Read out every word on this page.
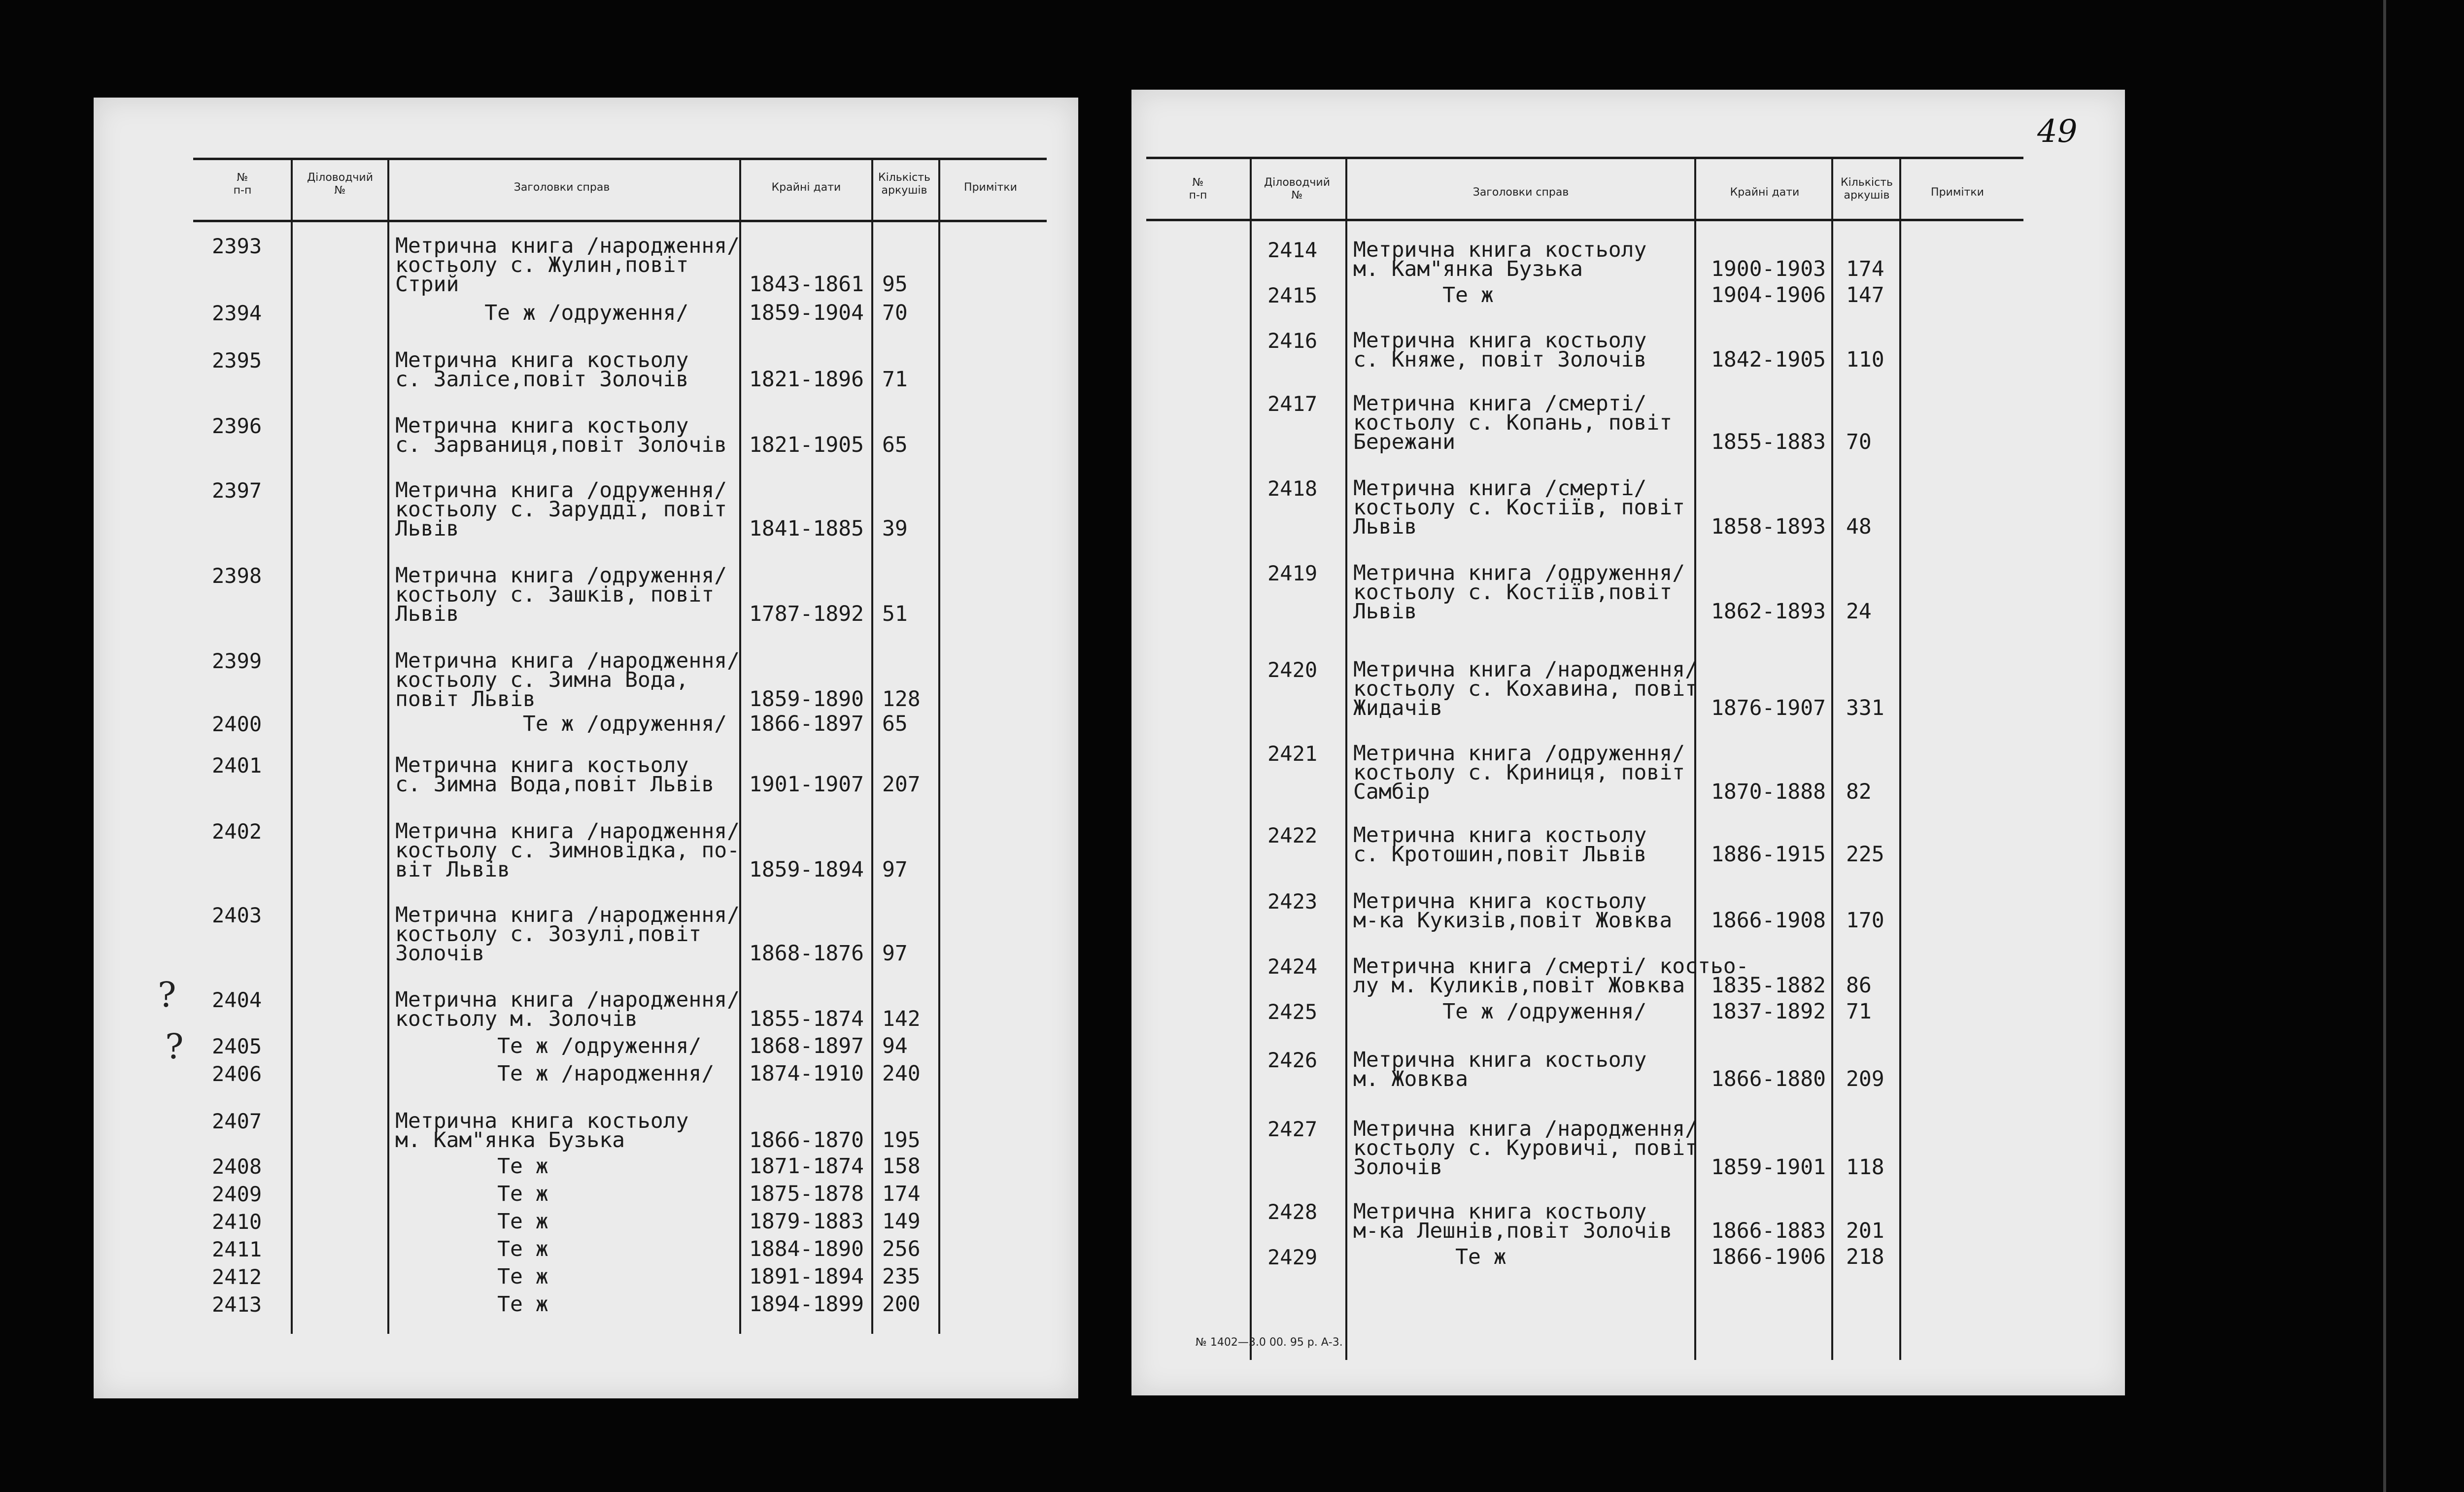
№
п-п
Діловодчий
№	Заголовки справ	Крайні дати
Кількість
аркушів	Примітки
2393	Метрична книга /народження/
костьолу с. Жулин,повіт
Стрий	1843-1861 95
2394	Те ж /одруження/	1859-1904 70
2395	Метрична книга костьолу
с. Залісе,повіт Золочів	1821-1896 71
2396	Метрична книга костьолу
с. Зарваниця,повіт Золочів 1821-1905 65
2397	Метрична книга /одруження/
костьолу с. Заруддї, повіт
Львів	1841-1885 39
2398	Метрична книга /одруження/
костьолу с. Зашків, повіт
Львів	1787-1892 51
2399	Метрична книга /народження/
костьолу с. Зимна Вода,
повіт Львів	1859-1890 128
2400	Те ж /одруження/ 1866-1897 65
2401	Метрична книга костьолу
с. Зимна Вода,повіт Львів 1901-1907 207
2402	Метрична книга /народження/
костьолу с. Зимновідка, по-
віт Львів	1859-1894 97
2403	Метрична книга /народження/
костьолу с. Зозулі,повіт
Золочів	1868-1876 97
2404	Метрична книга /народження/
костьолу м. Золочів	1855-1874 142
2405	Те ж /одруження/ 1868-1897 94
2406	Те ж /народження/ 1874-1910 240
2407	Метрична книга костьолу
м. Кам"янка Бузька	1866-1870 195
2408	Те ж	1871-1874 158
2409	Те ж	1875-1878 174
2410	Те ж	1879-1883 149
2411	Те ж	1884-1890 256
2412	Те ж	1891-1894 235
2413	Те ж	1894-1899 200
?
?
49
№
п-п
Діловодчий
№	Заголовки справ	Крайні дати
Кількість
аркушів	Примітки
2414 Метрична книга костьолу
м. Кам"янка Бузька	1900-1903 174
2415 Те ж	1904-1906 147
2416 Метрична книга костьолу
с. Княже, повіт Золочів	1842-1905 110
2417 Метрична книга /смерті/
костьолу с. Копань, повіт
Бережани	1855-1883 70
2418 Метрична книга /смерті/
костьолу с. Костіїв, повіт
Львів	1858-1893 48
2419 Метрична книга /одруження/
костьолу с. Костіїв,повіт
Львів	1862-1893 24
2420 Метрична книга /народження/
костьолу с. Кохавина, повіт
Жидачів	1876-1907 331
2421 Метрична книга /одруження/
костьолу с. Криниця, повіт
Самбір	1870-1888 82
2422 Метрична книга костьолу
с. Кротошин,повіт Львів	1886-1915 225
2423 Метрична книга костьолу
м-ка Кукизів,повіт Жовква 1866-1908 170
2424 Метрична книга /смерті/ костьо-
лу м. Куликів,повіт Жовква 1835-1882 86
2425 Те ж /одруження/	1837-1892 71
2426 Метрична книга костьолу
м. Жовква	1866-1880 209
2427 Метрична книга /народження/
костьолу с. Куровичі, повіт
Золочів	1859-1901 118
2428 Метрична книга костьолу
м-ка Лешнів,повіт Золочів 1866-1883 201
2429 Те ж	1866-1906 218
№ 1402—3.0 00. 95 р. А-3.
